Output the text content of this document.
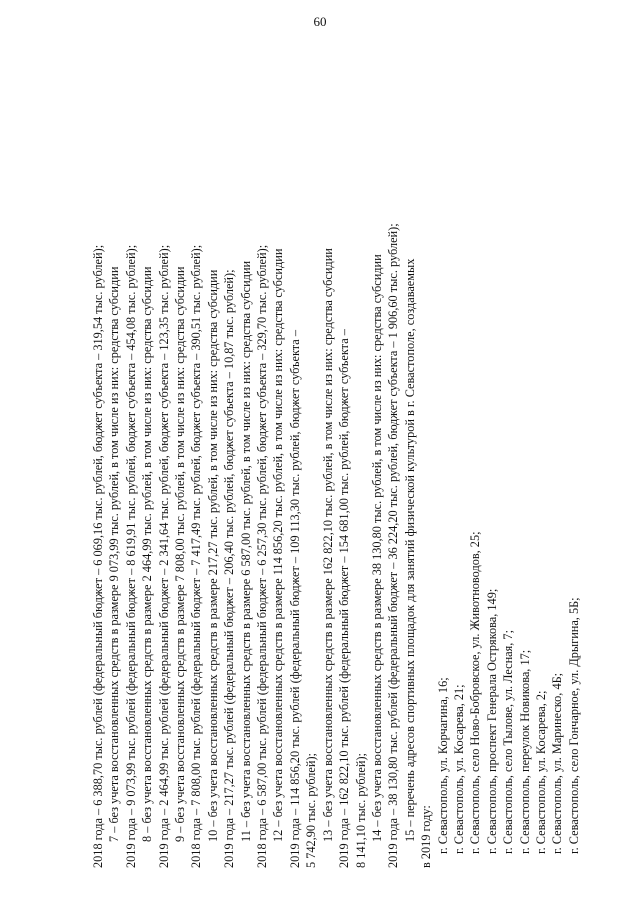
60
2018 года – 6 388,70 тыс. рублей (федеральный бюджет – 6 069,16 тыс. рублей, бюджет субъекта – 319,54 тыс. рублей); 7 – без учета восстановленных средств в размере 9 073,99 тыс. рублей, в том числе из них: средства субсидии 2019 года – 9 073,99 тыс. рублей (федеральный бюджет – 8 619,91 тыс. рублей, бюджет субъекта – 454,08 тыс. рублей); 8 – без учета восстановленных средств в размере 2 464,99 тыс. рублей, в том числе из них: средства субсидии 2019 года – 2 464,99 тыс. рублей (федеральный бюджет – 2 341,64 тыс. рублей, бюджет субъекта – 123,35 тыс. рублей); 9 – без учета восстановленных средств в размере 7 808,00 тыс. рублей, в том числе из них: средства субсидии 2018 года – 7 808,00 тыс. рублей (федеральный бюджет – 7 417,49 тыс. рублей, бюджет субъекта – 390,51 тыс. рублей); 10 – без учета восстановленных средств в размере 217,27 тыс. рублей, в том числе из них: средства субсидии 2019 года – 217,27 тыс. рублей (федеральный бюджет – 206,40 тыс. рублей, бюджет субъекта – 10,87 тыс. рублей); 11 – без учета восстановленных средств в размере 6 587,00 тыс. рублей, в том числе из них: средства субсидии 2018 года – 6 587,00 тыс. рублей (федеральный бюджет – 6 257,30 тыс. рублей, бюджет субъекта – 329,70 тыс. рублей); 12 – без учета восстановленных средств в размере 114 856,20 тыс. рублей, в том числе из них: средства субсидии 2019 года – 114 856,20 тыс. рублей (федеральный бюджет – 109 113,30 тыс. рублей, бюджет субъекта – 5 742,90 тыс. рублей); 13 – без учета восстановленных средств в размере 162 822,10 тыс. рублей, в том числе из них: средства субсидии 2019 года – 162 822,10 тыс. рублей (федеральный бюджет – 154 681,00 тыс. рублей, бюджет субъекта – 8 141,10 тыс. рублей); 14 – без учета восстановленных средств в размере 38 130,80 тыс. рублей, в том числе из них: средства субсидии 2019 года – 38 130,80 тыс. рублей (федеральный бюджет – 36 224,20 тыс. рублей, бюджет субъекта – 1 906,60 тыс. рублей); 15 – перечень адресов спортивных площадок для занятий физической культурой в г. Севастополе, создаваемых в 2019 году: г. Севастополь, ул. Корчагина, 16; г. Севастополь, ул. Косарева, 21; г. Севастополь, село Ново-Бобровское, ул. Животноводов, 25; г. Севастополь, проспект Генерала Острякова, 149; г. Севастополь, село Тылове, ул. Лесная, 7; г. Севастополь, переулок Новикова, 17; г. Севастополь, ул. Косарева, 2; г. Севастополь, ул. Маринеско, 4Б; г. Севастополь, село Гончарное, ул. Дрыгина, 5Б;
